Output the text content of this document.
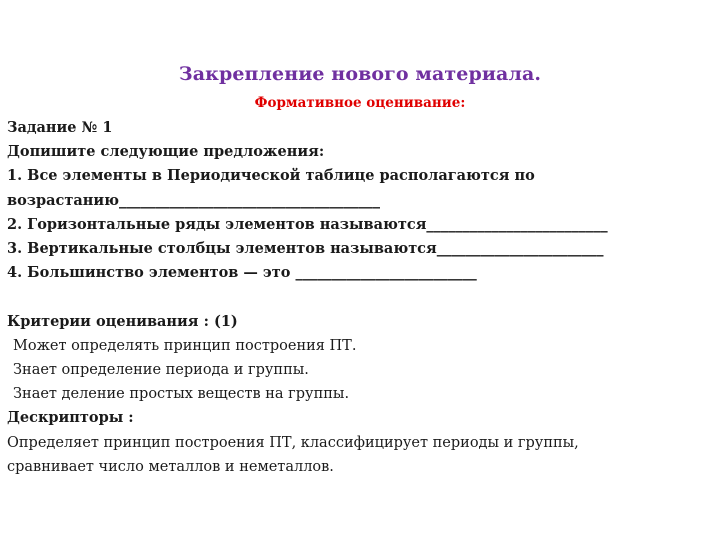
Закрепление нового материала.
Формативное оценивание:
Задание № 1
Допишите следующие предложения:
1. Все элементы в Периодической таблице располагаются по
возрастанию____________________________________
2. Горизонтальные ряды элементов называются_________________________
3. Вертикальные столбцы элементов называются_______________________
4. Большинство элементов — это _________________________
Критерии оценивания : (1)
Может определять принцип построения ПТ.
Знает определение периода и группы.
Знает деление простых веществ на группы.
Дескрипторы :
Определяет принцип построения ПТ, классифицирует периоды и группы,
сравнивает число металлов и неметаллов.
